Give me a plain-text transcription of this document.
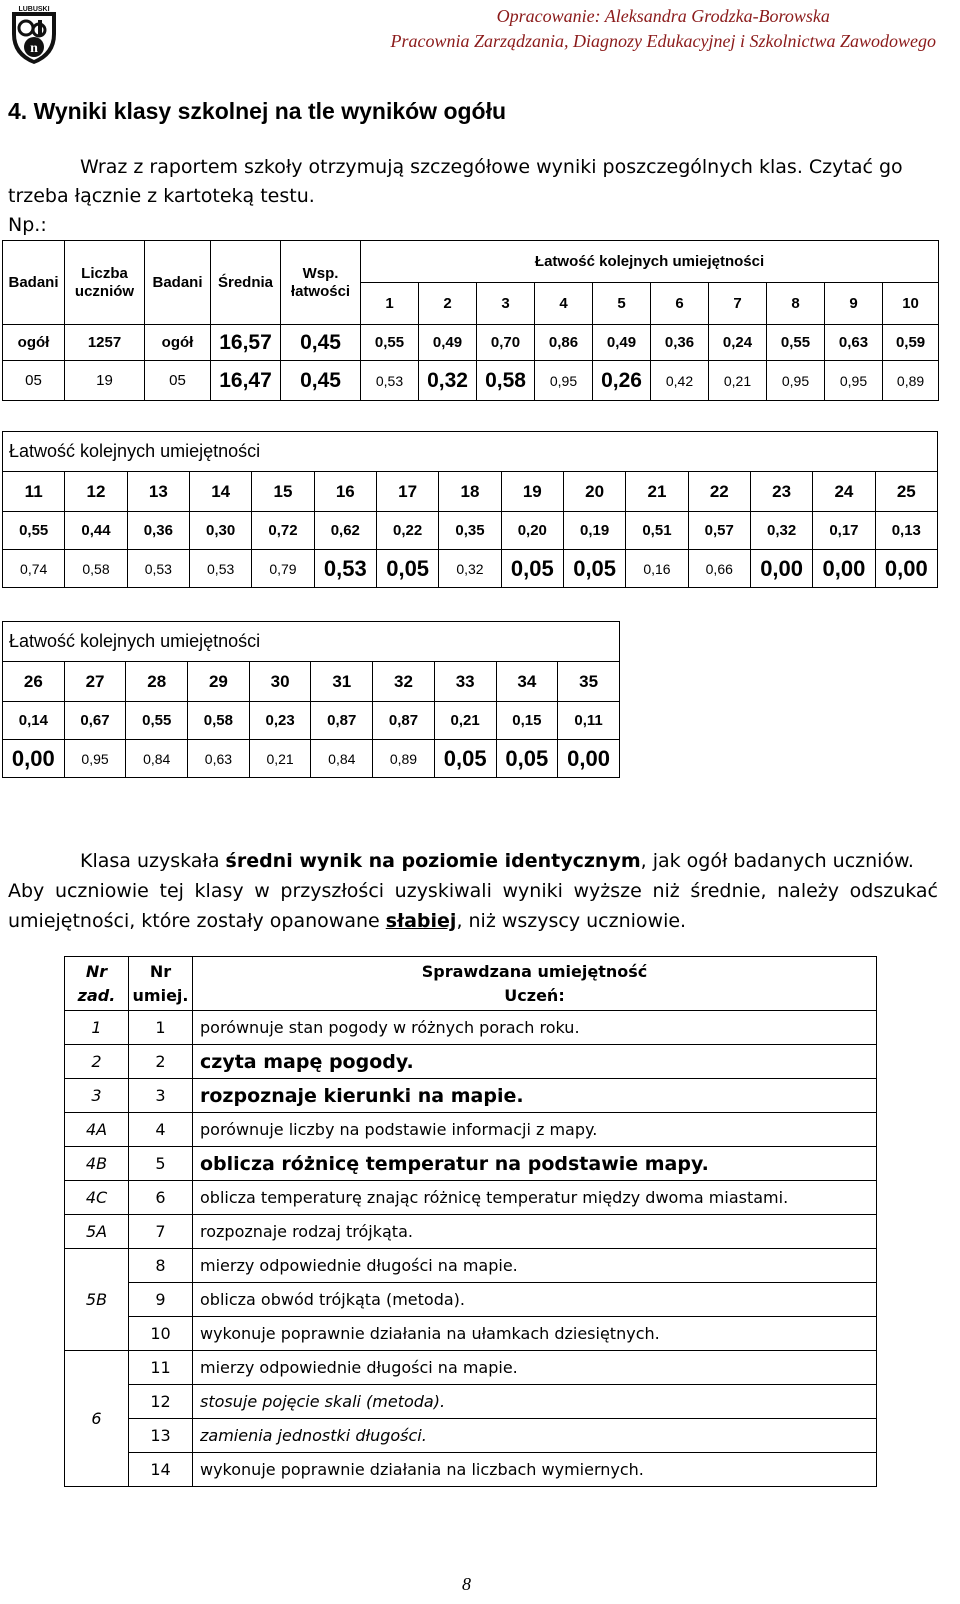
n
LUBUSKI	Opracowanie: Aleksandra Grodzka-Borowska
Pracownia Zarządzania, Diagnozy Edukacyjnej i Szkolnictwa Zawodowego
4. Wyniki klasy szkolnej na tle wyników ogółu
Wraz z raportem szkoły otrzymują szczegółowe wyniki poszczególnych klas. Czytać go
trzeba łącznie z kartoteką testu.
Np.:
Badani	Liczba uczniów	Badani	Średnia	Wsp. łatwości	Łatwość kolejnych umiejętności									
					1	2	3	4	5	6	7	8	9	10
ogół	1257	ogół	16,57	0,45	0,55	0,49	0,70	0,86	0,49	0,36	0,24	0,55	0,63	0,59
05	19	05	16,47	0,45	0,53	0,32	0,58	0,95	0,26	0,42	0,21	0,95	0,95	0,89
Łatwość kolejnych umiejętności														
11	12	13	14	15	16	17	18	19	20	21	22	23	24	25
0,55	0,44	0,36	0,30	0,72	0,62	0,22	0,35	0,20	0,19	0,51	0,57	0,32	0,17	0,13
0,74	0,58	0,53	0,53	0,79	0,53	0,05	0,32	0,05	0,05	0,16	0,66	0,00	0,00	0,00
Łatwość kolejnych umiejętności									
26	27	28	29	30	31	32	33	34	35
0,14	0,67	0,55	0,58	0,23	0,87	0,87	0,21	0,15	0,11
0,00	0,95	0,84	0,63	0,21	0,84	0,89	0,05	0,05	0,00
Klasa uzyskała średni wynik na poziomie identycznym, jak ogół badanych uczniów.
Aby uczniowie tej klasy w przyszłości uzyskiwali wyniki wyższe niż średnie, należy odszukać umiejętności, które zostały opanowane słabiej, niż wszyscy uczniowie.
Nr zad.	Nr umiej.	Sprawdzana umiejętność
Uczeń:

1	1	porównuje stan pogody w różnych porach roku.
2	2	czyta mapę pogody.
3	3	rozpoznaje kierunki na mapie.
4A	4	porównuje liczby na podstawie informacji z mapy.
4B	5	oblicza różnicę temperatur na podstawie mapy.
4C	6	oblicza temperaturę znając różnicę temperatur między dwoma miastami.
5A	7	rozpoznaje rodzaj trójkąta.
5B	8	mierzy odpowiednie długości na mapie.
	9	oblicza obwód trójkąta (metoda).
	10	wykonuje poprawnie działania na ułamkach dziesiętnych.
6	11	mierzy odpowiednie długości na mapie.
	12	stosuje pojęcie skali (metoda).
	13	zamienia jednostki długości.
	14	wykonuje poprawnie działania na liczbach wymiernych.
8
